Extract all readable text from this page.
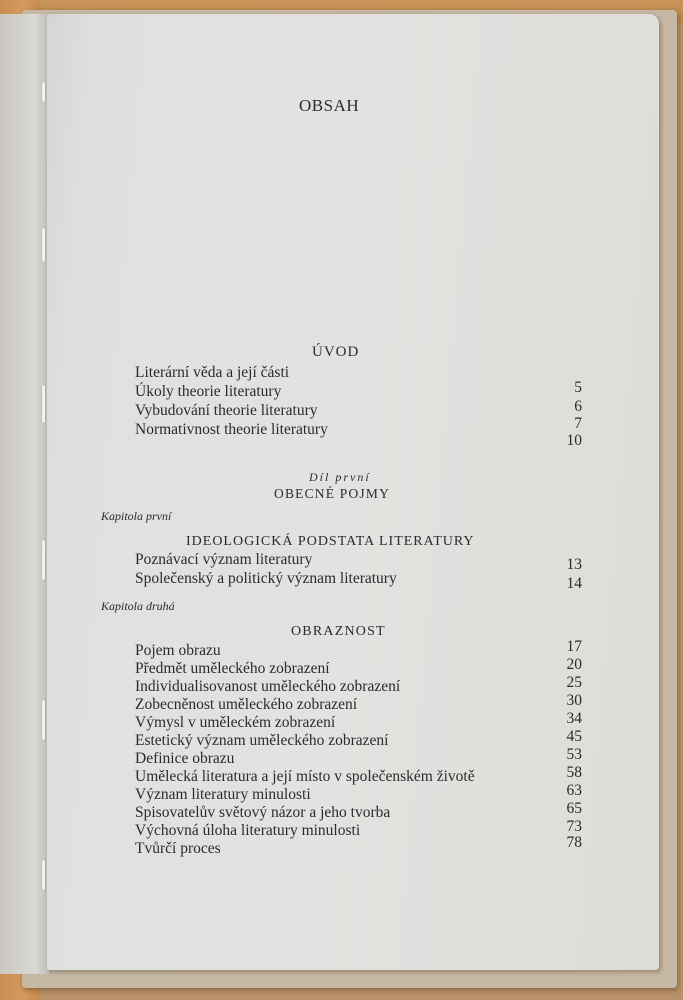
OBSAH
ÚVOD
Literární věda a její části
Úkoly theorie literatury
Vybudování theorie literatury
Normativnost theorie literatury
5
6
7
10
Díl první
OBECNÉ POJMY
Kapitola první
IDEOLOGICKÁ PODSTATA LITERATURY
Poznávací význam literatury
Společenský a politický význam literatury
13
14
Kapitola druhá
OBRAZNOST
Pojem obrazu
Předmět uměleckého zobrazení
Individualisovanost uměleckého zobrazení
Zobecněnost uměleckého zobrazení
Výmysl v uměleckém zobrazení
Estetický význam uměleckého zobrazení
Definice obrazu
Umělecká literatura a její místo v společenském životě
Význam literatury minulosti
Spisovatelův světový názor a jeho tvorba
Výchovná úloha literatury minulosti
Tvůrčí proces
17
20
25
30
34
45
53
58
63
65
73
78
